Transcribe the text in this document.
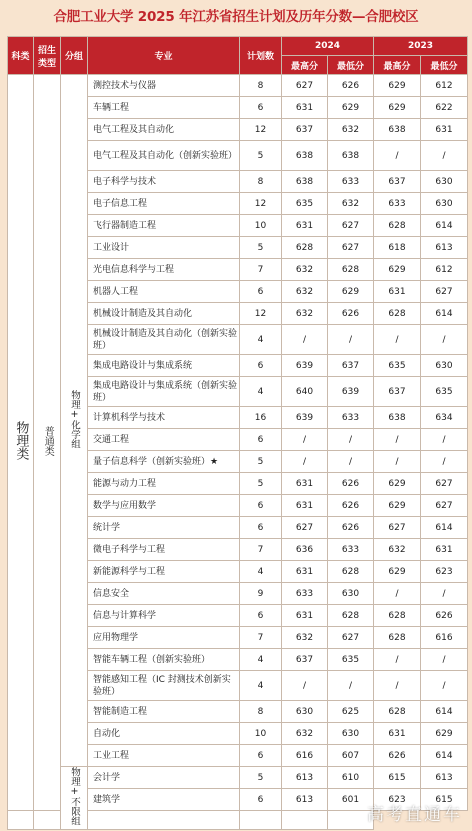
合肥工业大学 2025 年江苏省招生计划及历年分数—合肥校区
科类	招生类型	分组	专业	计划数	2024		2023	
					最高分	最低分	最高分	最低分
物理类	普通类	物理+化学组	测控技术与仪器	8	627	626	629	612
			车辆工程	6	631	629	629	622
			电气工程及其自动化	12	637	632	638	631
			电气工程及其自动化（创新实验班）	5	638	638	/	/
			电子科学与技术	8	638	633	637	630
			电子信息工程	12	635	632	633	630
			飞行器制造工程	10	631	627	628	614
			工业设计	5	628	627	618	613
			光电信息科学与工程	7	632	628	629	612
			机器人工程	6	632	629	631	627
			机械设计制造及其自动化	12	632	626	628	614
			机械设计制造及其自动化（创新实验班）	4	/	/	/	/
			集成电路设计与集成系统	6	639	637	635	630
			集成电路设计与集成系统（创新实验班）	4	640	639	637	635
			计算机科学与技术	16	639	633	638	634
			交通工程	6	/	/	/	/
			量子信息科学（创新实验班）★	5	/	/	/	/
			能源与动力工程	5	631	626	629	627
			数学与应用数学	6	631	626	629	627
			统计学	6	627	626	627	614
			微电子科学与工程	7	636	633	632	631
			新能源科学与工程	4	631	628	629	623
			信息安全	9	633	630	/	/
			信息与计算科学	6	631	628	628	626
			应用物理学	7	632	627	628	616
			智能车辆工程（创新实验班）	4	637	635	/	/
			智能感知工程（IC 封测技术创新实验班）	4	/	/	/	/
			智能制造工程	8	630	625	628	614
			自动化	10	632	630	631	629
			工业工程	6	616	607	626	614
		物理+不限组	会计学	5	613	610	615	613
			建筑学	6	613	601	623	615

高考直通车
